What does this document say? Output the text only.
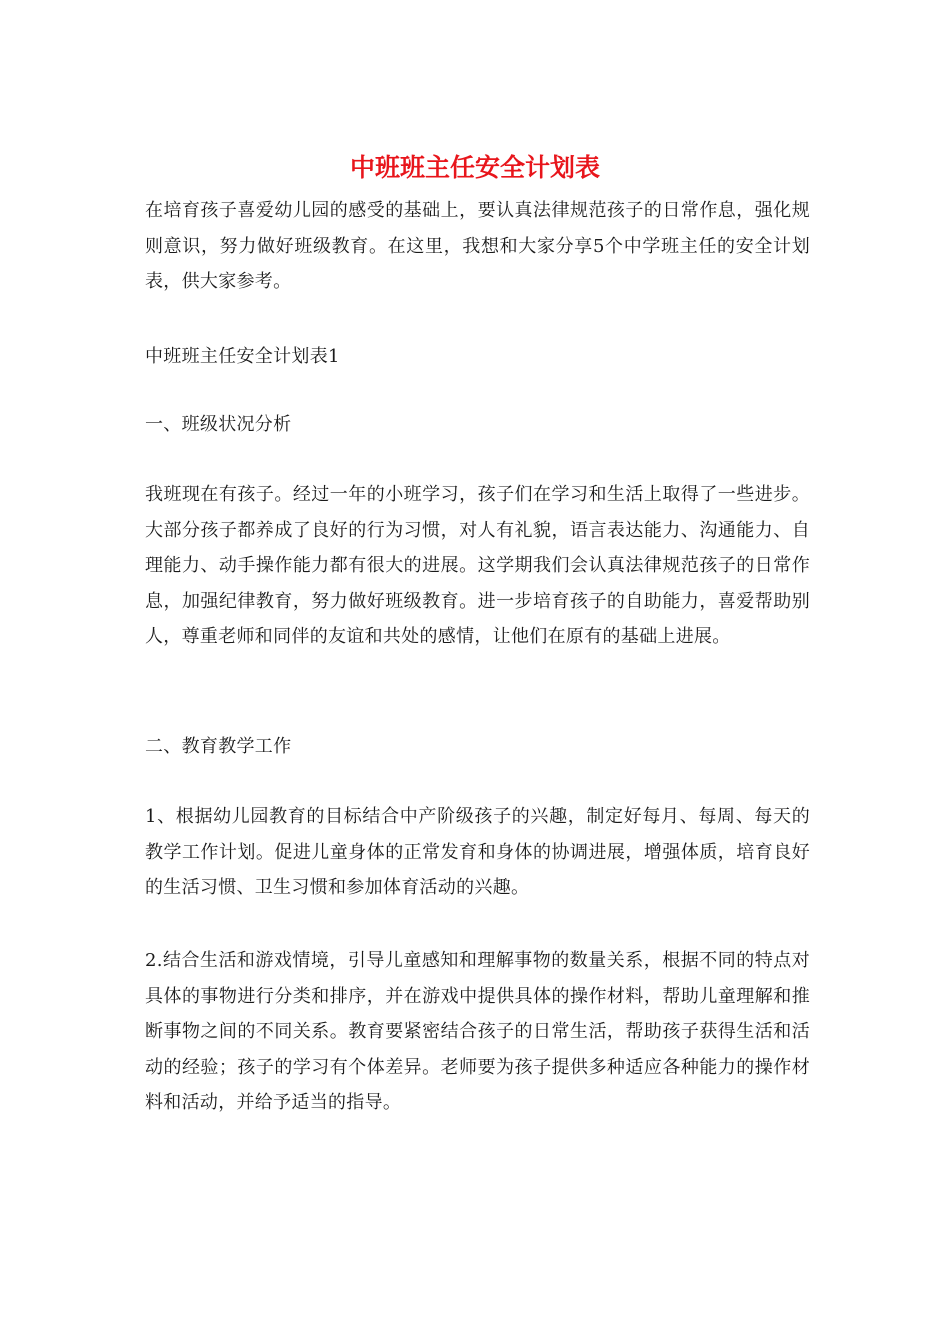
中班班主任安全计划表

在培育孩子喜爱幼儿园的感受的基础上，要认真法律规范孩子的日常作息，强化规则意识，努力做好班级教育。在这里，我想和大家分享5个中学班主任的安全计划表，供大家参考。

中班班主任安全计划表1

一、班级状况分析

我班现在有孩子。经过一年的小班学习，孩子们在学习和生活上取得了一些进步。大部分孩子都养成了良好的行为习惯，对人有礼貌，语言表达能力、沟通能力、自理能力、动手操作能力都有很大的进展。这学期我们会认真法律规范孩子的日常作息，加强纪律教育，努力做好班级教育。进一步培育孩子的自助能力，喜爱帮助别人，尊重老师和同伴的友谊和共处的感情，让他们在原有的基础上进展。

二、教育教学工作

1、根据幼儿园教育的目标结合中产阶级孩子的兴趣，制定好每月、每周、每天的教学工作计划。促进儿童身体的正常发育和身体的协调进展，增强体质，培育良好的生活习惯、卫生习惯和参加体育活动的兴趣。

2.结合生活和游戏情境，引导儿童感知和理解事物的数量关系，根据不同的特点对具体的事物进行分类和排序，并在游戏中提供具体的操作材料，帮助儿童理解和推断事物之间的不同关系。教育要紧密结合孩子的日常生活，帮助孩子获得生活和活动的经验；孩子的学习有个体差异。老师要为孩子提供多种适应各种能力的操作材料和活动，并给予适当的指导。
